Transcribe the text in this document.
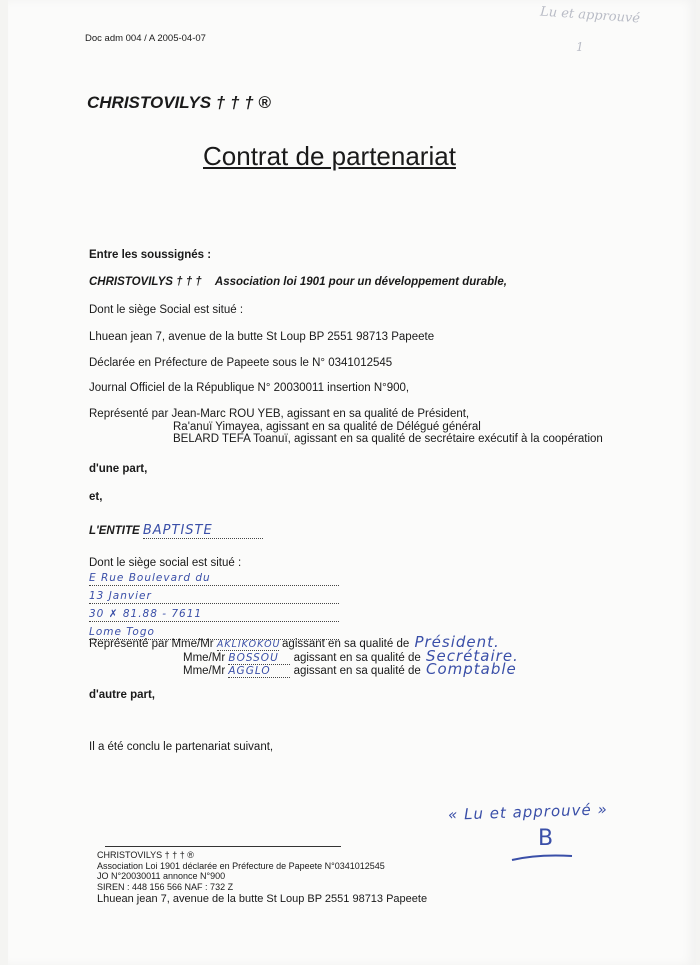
Lu et approuvé
1
Doc adm 004 / A 2005-04-07
CHRISTOVILYS † † † ®
Contrat de partenariat
Entre les soussignés :
CHRISTOVILYS † † † Association loi 1901 pour un développement durable,
Dont le siège Social est situé :
Lhuean jean 7, avenue de la butte St Loup BP 2551 98713 Papeete
Déclarée en Préfecture de Papeete sous le N° 0341012545
Journal Officiel de la République N° 20030011 insertion N°900,
Représenté par Jean-Marc ROU YEB, agissant en sa qualité de Président,
Ra'anuï Yimayea, agissant en sa qualité de Délégué général
BELARD TEFA Toanuï, agissant en sa qualité de secrétaire exécutif à la coopération
d'une part,
et,
L'ENTITE BAPTISTE
Dont le siège social est situé :
E Rue Boulevard du
13 Janvier
30 ✗ 81.88 - 7611
Lome Togo
Représenté par Mme/Mr AKLIKOKOU agissant en sa qualité de Président.
Mme/Mr BOSSOU agissant en sa qualité de Secrétaire.
Mme/Mr AGGLO agissant en sa qualité de Comptable
d'autre part,
Il a été conclu le partenariat suivant,
« Lu et approuvé »
B
CHRISTOVILYS † † † ®
Association Loi 1901 déclarée en Préfecture de Papeete N°0341012545
JO N°20030011 annonce N°900
SIREN : 448 156 566 NAF : 732 Z
Lhuean jean 7, avenue de la butte St Loup BP 2551 98713 Papeete
